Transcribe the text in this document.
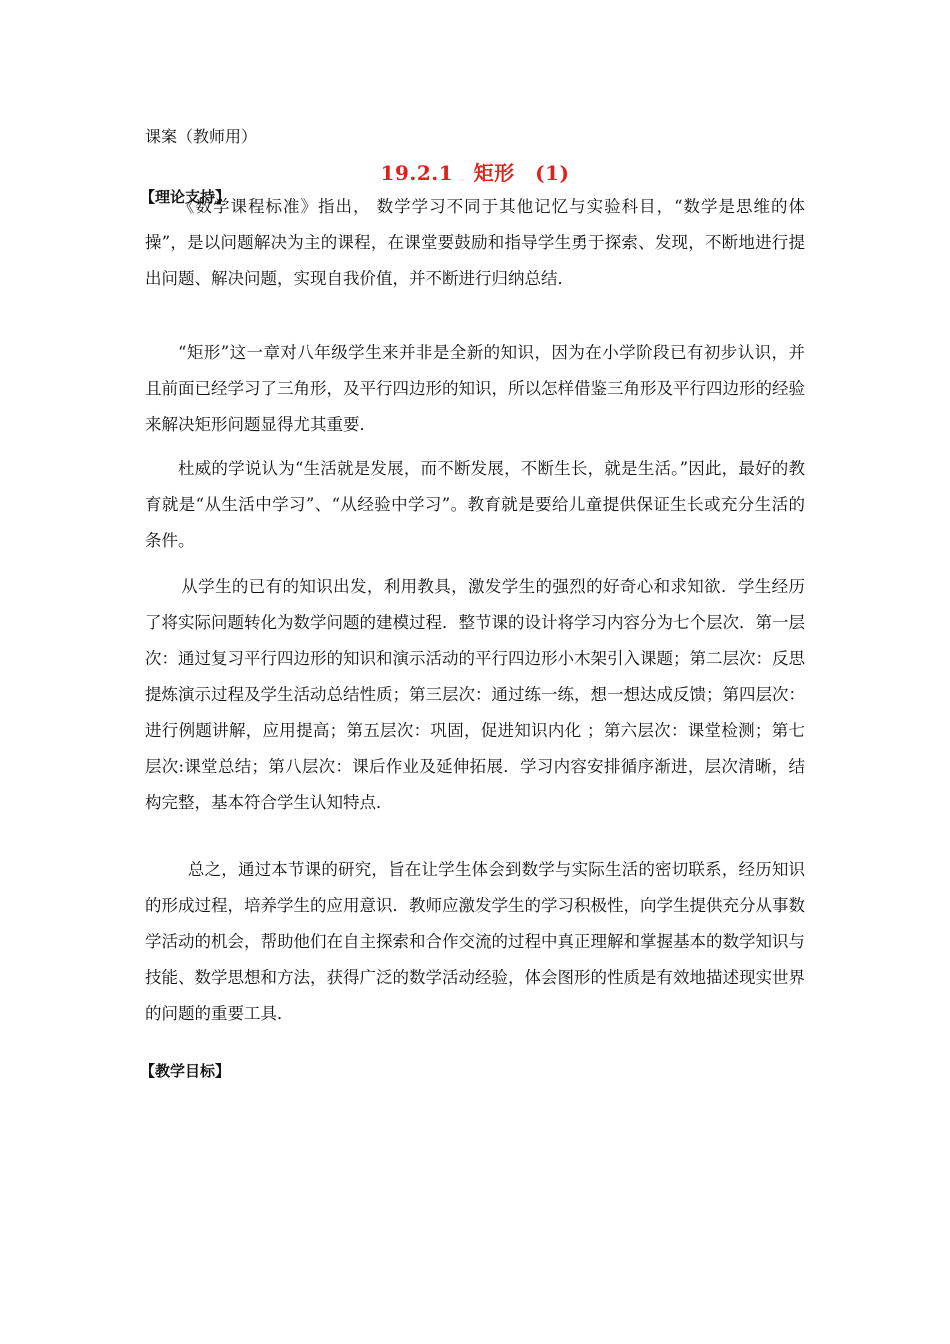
课案（教师用）
19.2.1　矩形　(1)
【理论支持】

《数学课程标准》指出， 数学学习不同于其他记忆与实验科目，“数学是思维的体操”，是以问题解决为主的课程，在课堂要鼓励和指导学生勇于探索、发现，不断地进行提出问题、解决问题，实现自我价值，并不断进行归纳总结．

“矩形”这一章对八年级学生来并非是全新的知识，因为在小学阶段已有初步认识，并且前面已经学习了三角形，及平行四边形的知识，所以怎样借鉴三角形及平行四边形的经验来解决矩形问题显得尤其重要．

杜威的学说认为“生活就是发展，而不断发展，不断生长，就是生活。”因此，最好的教育就是“从生活中学习”、“从经验中学习”。教育就是要给儿童提供保证生长或充分生活的条件。

从学生的已有的知识出发，利用教具，激发学生的强烈的好奇心和求知欲．学生经历了将实际问题转化为数学问题的建模过程．整节课的设计将学习内容分为七个层次．第一层次：通过复习平行四边形的知识和演示活动的平行四边形小木架引入课题；第二层次：反思提炼演示过程及学生活动总结性质；第三层次：通过练一练，想一想达成反馈；第四层次：进行例题讲解，应用提高；第五层次：巩固，促进知识内化 ；第六层次：课堂检测；第七层次:课堂总结；第八层次：课后作业及延伸拓展．学习内容安排循序渐进，层次清晰，结构完整，基本符合学生认知特点．

总之，通过本节课的研究，旨在让学生体会到数学与实际生活的密切联系，经历知识的形成过程，培养学生的应用意识．教师应激发学生的学习积极性，向学生提供充分从事数学活动的机会，帮助他们在自主探索和合作交流的过程中真正理解和掌握基本的数学知识与技能、数学思想和方法，获得广泛的数学活动经验，体会图形的性质是有效地描述现实世界的问题的重要工具．

【教学目标】
